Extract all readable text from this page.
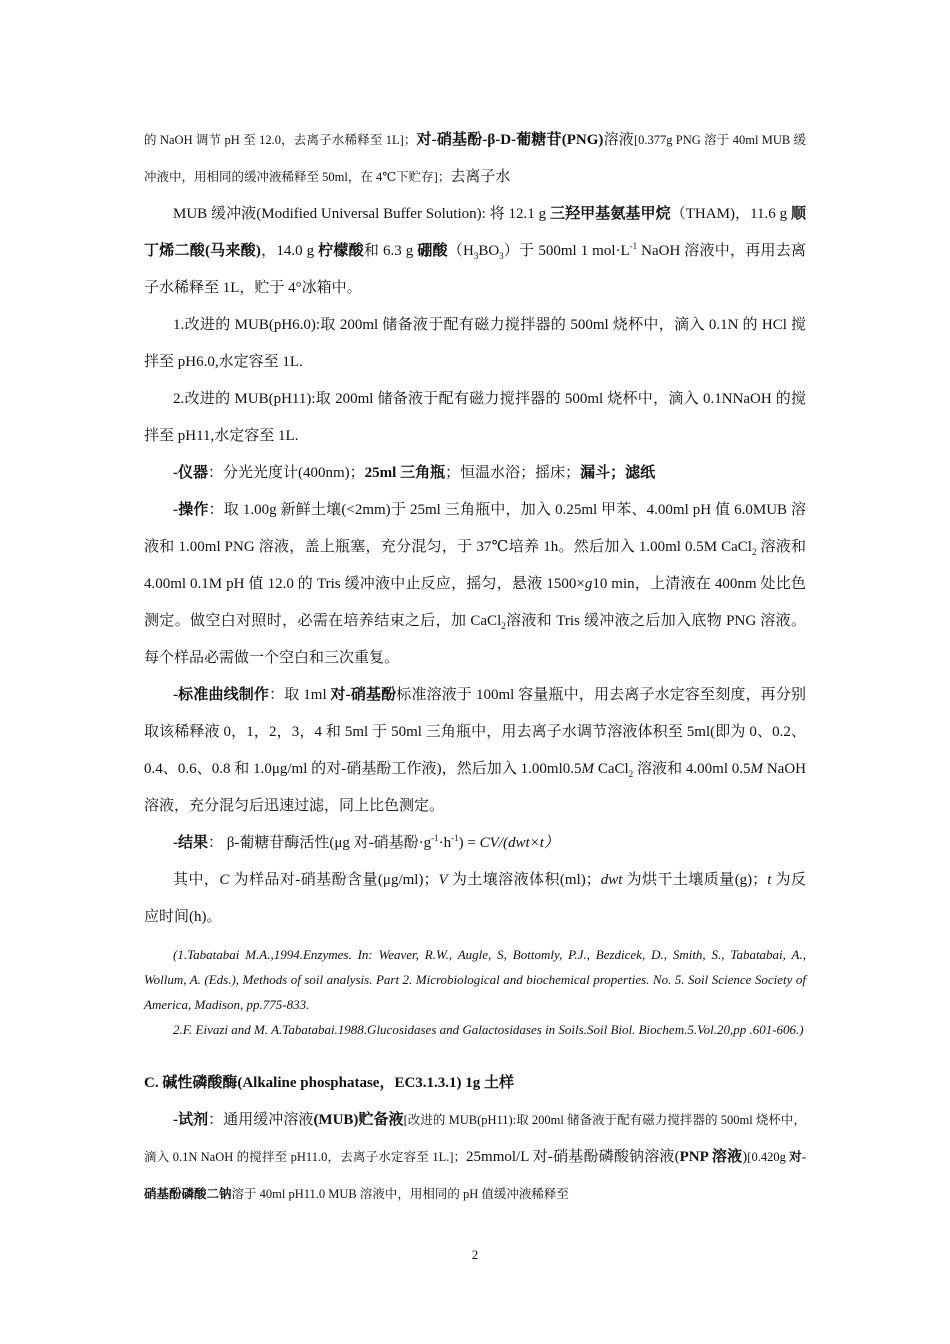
的 NaOH 调节 pH 至 12.0，去离子水稀释至 1L]；对-硝基酚-β-D-葡糖苷(PNG)溶液[0.377g PNG 溶于 40ml MUB 缓冲液中，用相同的缓冲液稀释至 50ml，在 4℃下贮存]；去离子水

MUB 缓冲液(Modified Universal Buffer Solution): 将 12.1 g 三羟甲基氨基甲烷（THAM)，11.6 g 顺丁烯二酸(马来酸)，14.0 g 柠檬酸和 6.3 g 硼酸$(H_3BO_3)$于 500ml 1 $mol\cdot L^{-1}$ NaOH 溶液中，再用去离子水稀释至 1L，贮于 4°冰箱中。

1.改进的 MUB(pH6.0):取 200ml 储备液于配有磁力搅拌器的 500ml 烧杯中，滴入 0.1N 的 HCl 搅拌至 pH6.0,水定容至 1L.

2.改进的 MUB(pH11):取 200ml 储备液于配有磁力搅拌器的 500ml 烧杯中，滴入 0.1NNaOH 的搅拌至 pH11,水定容至 1L.

-仪器：分光光度计(400nm)；25ml 三角瓶；恒温水浴；摇床；漏斗；滤纸

-操作：取 1.00g 新鲜土壤(<2mm)于 25ml 三角瓶中，加入 0.25ml 甲苯、4.00ml pH 值 6.0MUB 溶液和 1.00ml PNG 溶液，盖上瓶塞，充分混匀，于 37℃培养 1h。然后加入 1.00ml 0.5M CaCl$_2$ 溶液和 4.00ml 0.1M pH 值 12.0 的 Tris 缓冲液中止反应，摇匀，悬液 1500×g10 min，上清液在 400nm 处比色测定。做空白对照时，必需在培养结束之后，加 CaCl$_2$溶液和 Tris 缓冲液之后加入底物 PNG 溶液。每个样品必需做一个空白和三次重复。

-标准曲线制作：取 1ml 对-硝基酚标准溶液于 100ml 容量瓶中，用去离子水定容至刻度，再分别取该稀释液 0，1，2，3，4 和 5ml 于 50ml 三角瓶中，用去离子水调节溶液体积至 5ml(即为 0、0.2、0.4、0.6、0.8 和 1.0μg/ml 的对-硝基酚工作液)，然后加入 1.00ml0.5M CaCl$_2$ 溶液和 4.00ml 0.5M NaOH 溶液，充分混匀后迅速过滤，同上比色测定。

-结果： β-葡糖苷酶活性(μg 对-硝基酚$\cdot g^{-1}\cdot h^{-1}) = CV/(dwt\times t)$

其中，C 为样品对-硝基酚含量(μg/ml)；V 为土壤溶液体积(ml)；dwt 为烘干土壤质量(g)；t 为反应时间(h)。

(1.Tabatabai M.A.,1994.Enzymes. In: Weaver, R.W., Augle, S, Bottomly, P.J., Bezdicek, D., Smith, S., Tabatabai, A., Wollum, A. (Eds.), Methods of soil analysis. Part 2. Microbiological and biochemical properties. No. 5. Soil Science Society of America, Madison, pp.775-833.

2.F. Eivazi and M. A.Tabatabai.1988.Glucosidases and Galactosidases in Soils.Soil Biol. Biochem.5.Vol.20,pp .601-606.)

C. 碱性磷酸酶(Alkaline phosphatase，EC3.1.3.1) 1g 土样

-试剂：通用缓冲溶液(MUB)贮备液[改进的 MUB(pH11):取 200ml 储备液于配有磁力搅拌器的 500ml 烧杯中，滴入 0.1N NaOH 的搅拌至 pH11.0，去离子水定容至 1L.]；25mmol/L 对-硝基酚磷酸钠溶液(PNP 溶液)[0.420g 对-硝基酚磷酸二钠溶于 40ml pH11.0 MUB 溶液中，用相同的 pH 值缓冲液稀释至

2
